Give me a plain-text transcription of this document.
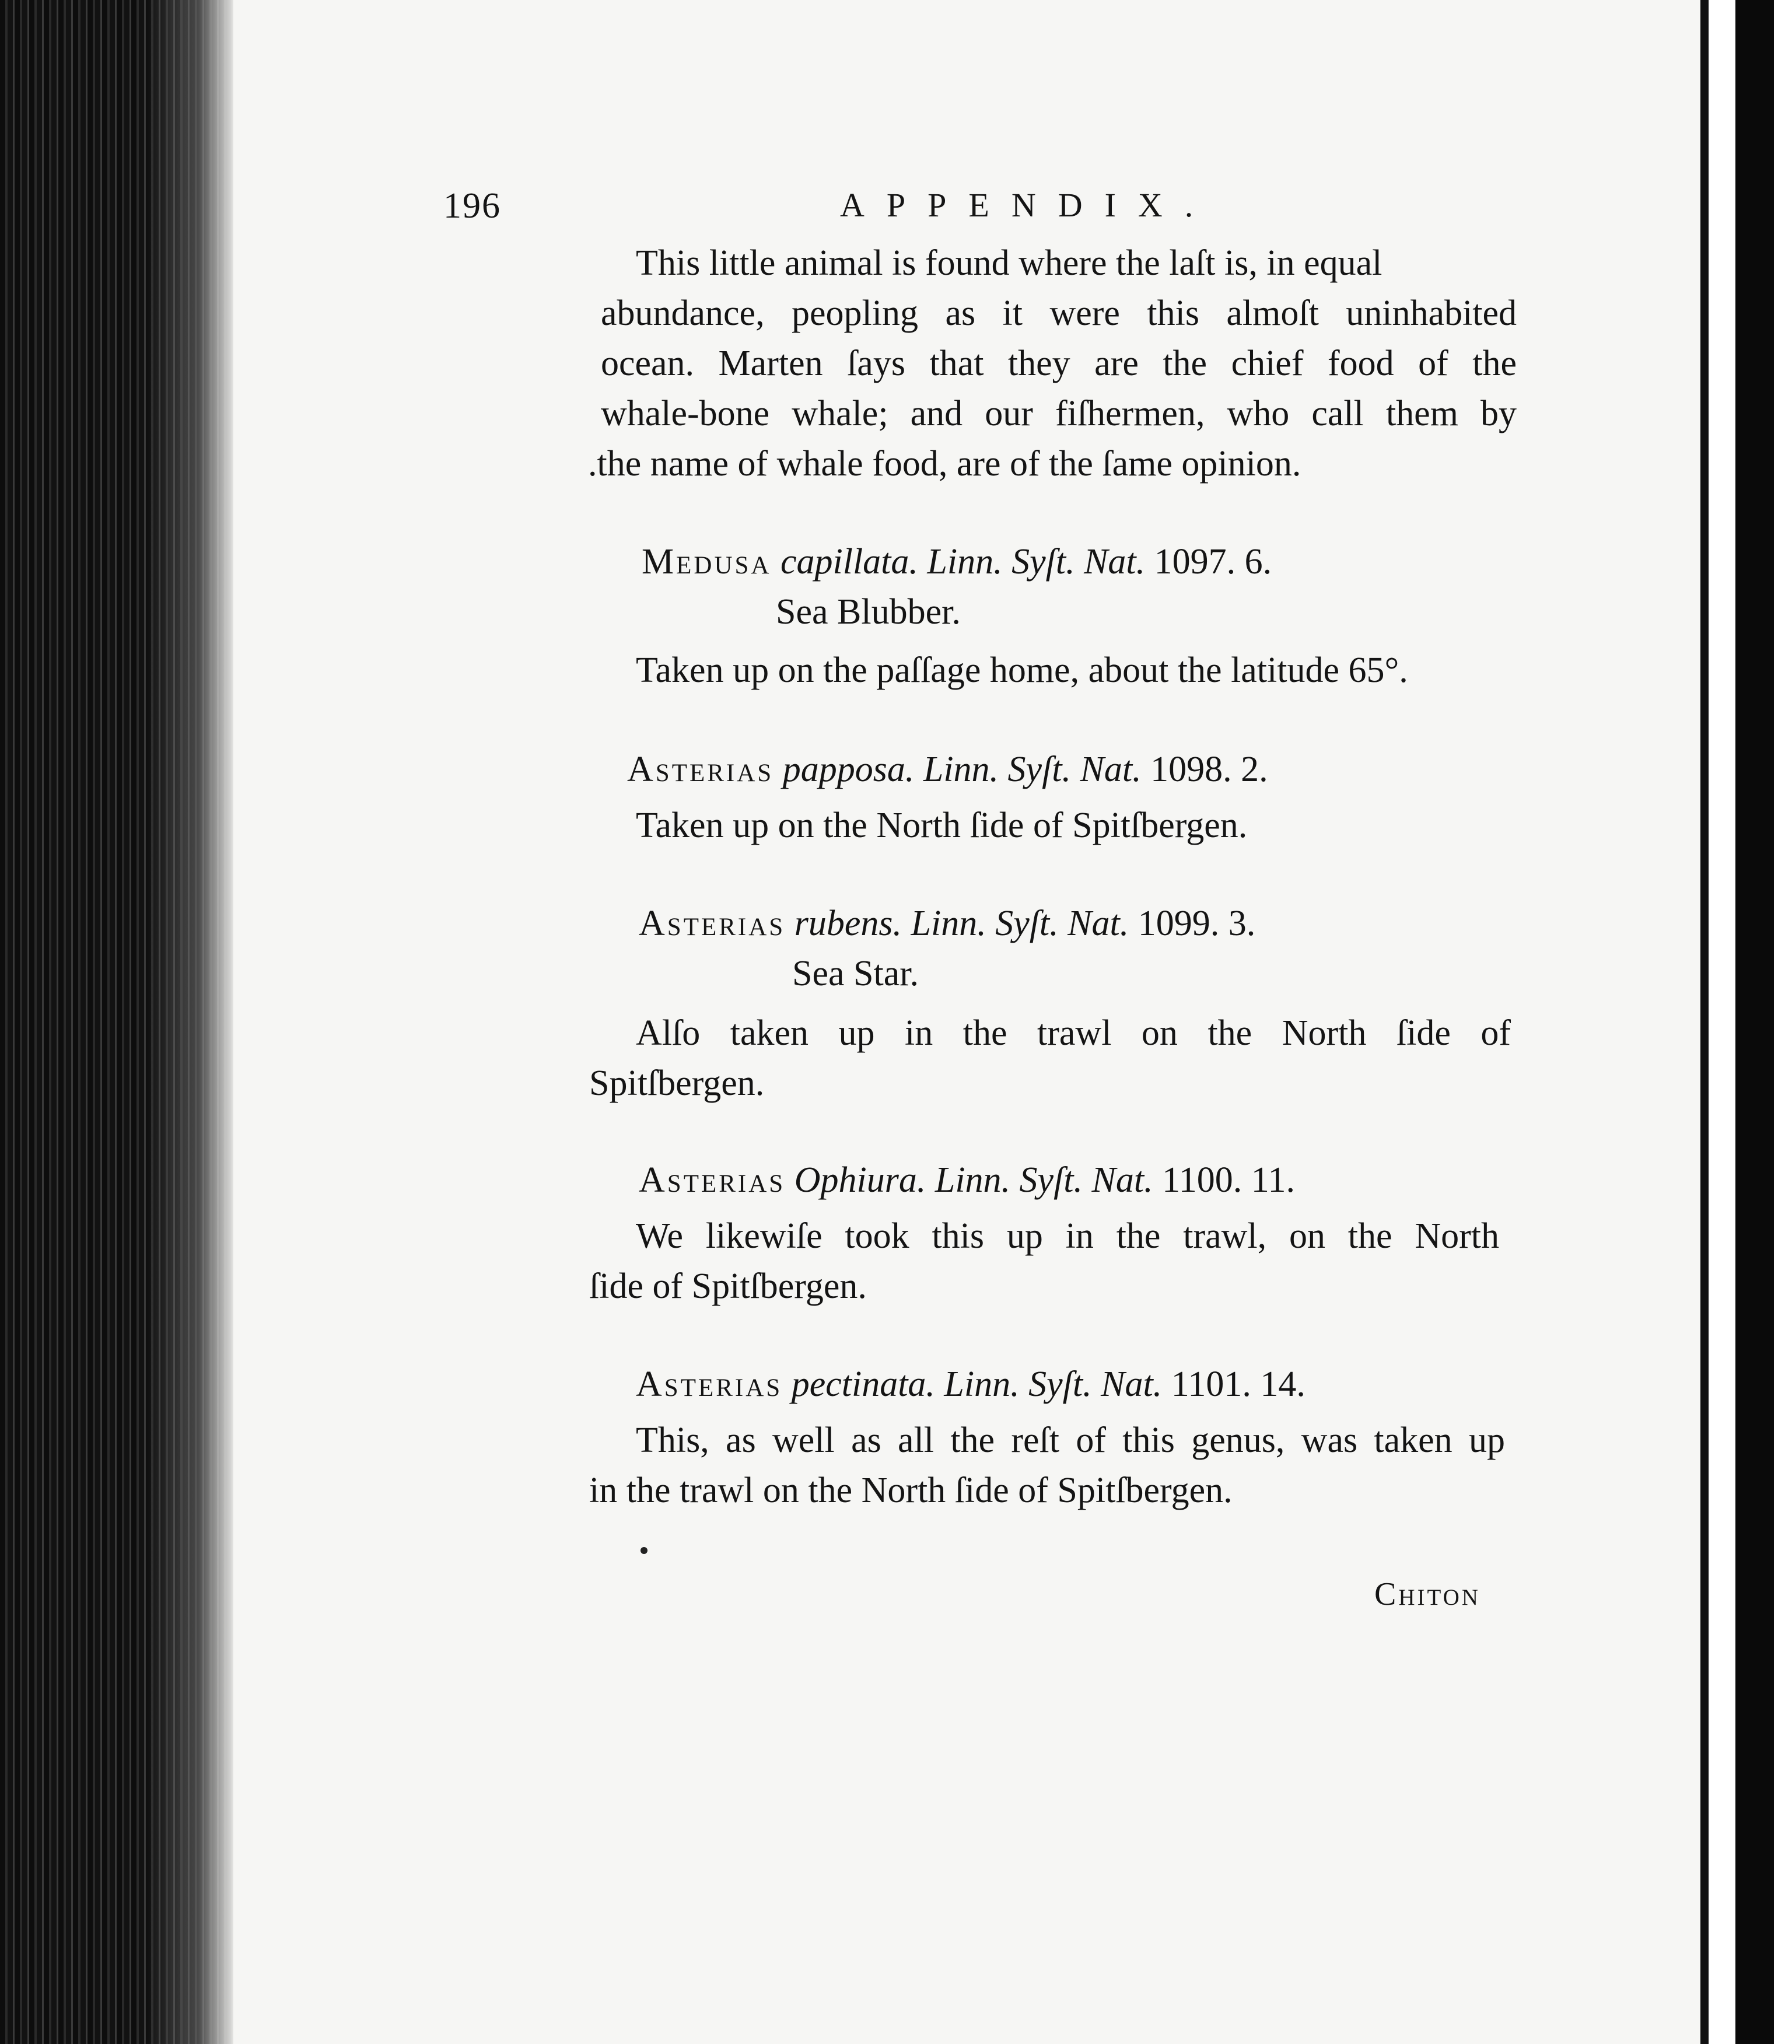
196	APPENDIX.
This little animal is found where the laſt is, in equal
abundance, peopling as it were this almoſt uninhabited
ocean. Marten ſays that they are the chief food of the
whale-bone whale; and our fiſhermen, who call them by
.the name of whale food, are of the ſame opinion.
Medusa capillata. Linn. Syſt. Nat. 1097. 6.
Sea Blubber.
Taken up on the paſſage home, about the latitude 65°.
Asterias papposa. Linn. Syſt. Nat. 1098. 2.
Taken up on the North ſide of Spitſbergen.
Asterias rubens. Linn. Syſt. Nat. 1099. 3.
Sea Star.
Alſo taken up in the trawl on the North ſide of
Spitſbergen.
Asterias Ophiura. Linn. Syſt. Nat. 1100. 11.
We likewiſe took this up in the trawl, on the North
ſide of Spitſbergen.
Asterias pectinata. Linn. Syſt. Nat. 1101. 14.
This, as well as all the reſt of this genus, was taken up
in the trawl on the North ſide of Spitſbergen.
Chiton
